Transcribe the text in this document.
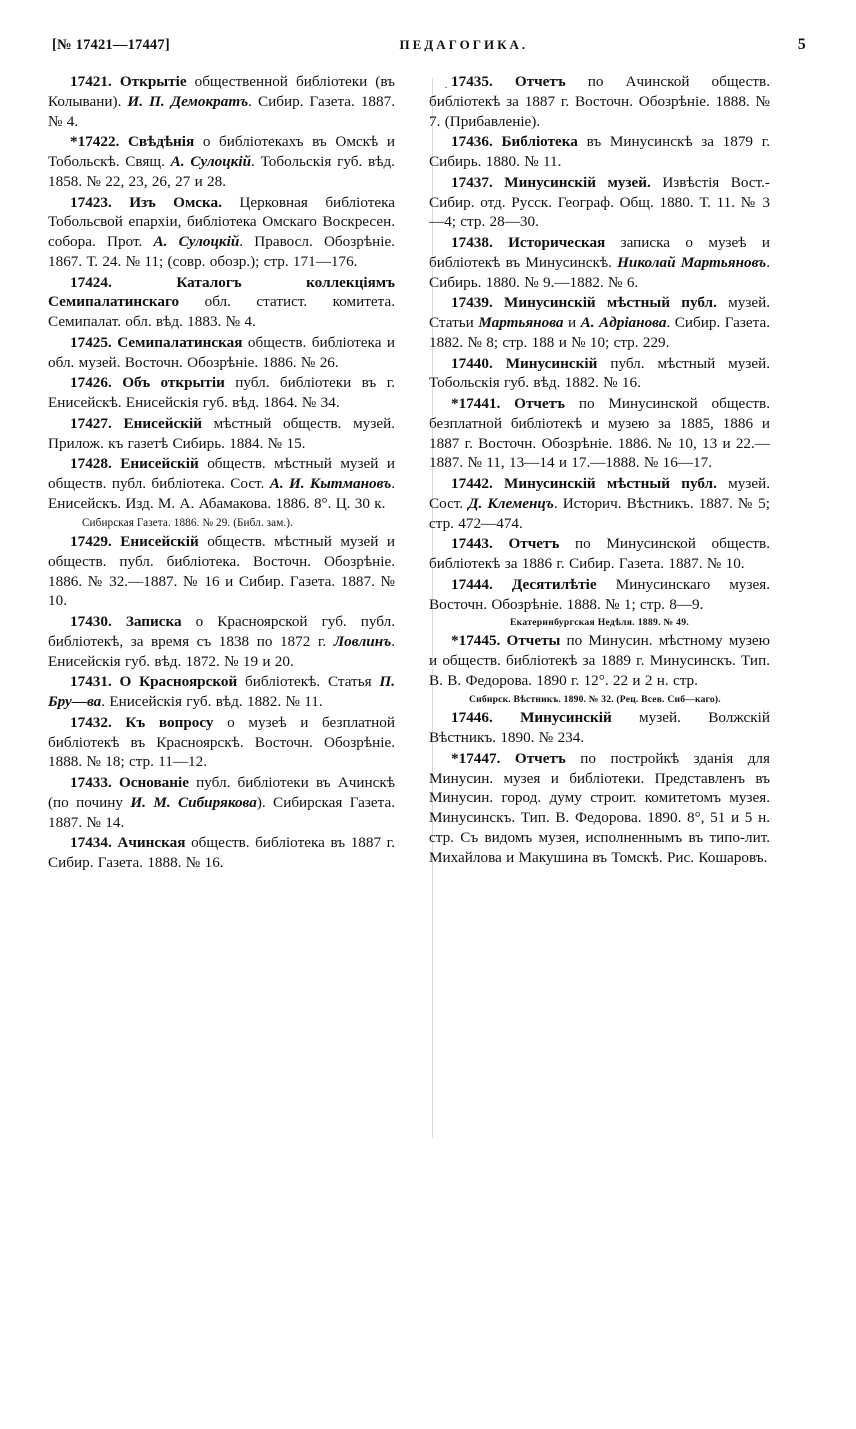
[№ 17421—17447]	ПЕДАГОГИКА.	5
·

17421. Открытіе общественной библіотеки (въ Колывани). И. П. Демократъ. Сибир. Газета. 1887. № 4.

*17422. Свѣдѣнія о библіотекахъ въ Омскѣ и Тобольскѣ. Свящ. А. Сулоцкій. Тобольскія губ. вѣд. 1858. № 22, 23, 26, 27 и 28.

17423. Изъ Омска. Церковная библіотека Тобольсвой епархіи, библіотека Омскаго Воскресен. собора. Прот. А. Сулоцкій. Правосл. Обозрѣніе. 1867. Т. 24. № 11; (совр. обозр.); стр. 171—176.

17424.	Каталогъ коллекціямъ Семипалатинскаго обл. статист. комитета. Семипалат. обл. вѣд. 1883. № 4.

17425. Семипалатинская обществ. библіотека и обл. музей. Восточн. Обозрѣніе. 1886. № 26.

17426. Объ открытіи публ. библіотеки въ г. Енисейскѣ. Енисейскія губ. вѣд. 1864. № 34.

17427. Енисейскій мѣстный обществ. музей. Прилож. къ газетѣ Сибирь. 1884. № 15.

17428. Енисейскій обществ. мѣстный музей и обществ. публ. библіотека. Сост. А. И. Кытмановъ. Енисейскъ. Изд. М. А. Абамакова. 1886. 8°. Ц. 30 к.

Сибирская Газета. 1886. № 29. (Библ. зам.).

17429. Енисейскій обществ. мѣстный музей и обществ. публ. библіотека. Восточн. Обозрѣніе. 1886. № 32.—1887. № 16 и Сибир. Газета. 1887. № 10.

17430. Записка о Красноярской губ. публ. библіотекѣ, за время съ 1838 по 1872 г. Ловлинъ. Енисейскія губ. вѣд. 1872. № 19 и 20.

17431. О Красноярской библіотекѣ. Статья П. Бру—ва. Енисейскія губ. вѣд. 1882. № 11.

17432. Къ вопросу о музеѣ и безплатной библіотекѣ въ Красноярскѣ. Восточн. Обозрѣніе. 1888. № 18; стр. 11—12.

17433. Основаніе публ. библіотеки въ Ачинскѣ (по почину И. М. Сибирякова). Сибирская Газета. 1887. № 14.

17434. Ачинская обществ. библіотека въ 1887 г. Сибир. Газета. 1888. № 16.

17435. Отчетъ по Ачинской обществ. библіотекѣ за 1887 г. Восточн. Обозрѣніе. 1888. № 7. (Прибавленіе).

17436. Библіотека въ Минусинскѣ за 1879 г. Сибирь. 1880. № 11.

17437. Минусинскій музей. Извѣстія Вост.-Сибир. отд. Русск. Географ. Общ. 1880. Т. 11. № 3—4; стр. 28—30.

17438. Историческая записка о музеѣ и библіотекѣ въ Минусинскѣ. Николай Мартьяновъ. Сибирь. 1880. № 9.—1882. № 6.

17439. Минусинскій мѣстный публ. музей. Статьи Мартьянова и А. Адріанова. Сибир. Газета. 1882. № 8; стр. 188 и № 10; стр. 229.

17440. Минусинскій публ. мѣстный музей. Тобольскія губ. вѣд. 1882. № 16.

*17441. Отчетъ по Минусинской обществ. безплатной библіотекѣ и музею за 1885, 1886 и 1887 г. Восточн. Обозрѣніе. 1886. № 10, 13 и 22.—1887. № 11, 13—14 и 17.—1888. № 16—17.

17442. Минусинскій мѣстный публ. музей. Сост. Д. Клеменцъ. Историч. Вѣстникъ. 1887. № 5; стр. 472—474.

17443. Отчетъ по Минусинской обществ. библіотекѣ за 1886 г. Сибир. Газета. 1887. № 10.

17444. Десятилѣтіе Минусинскаго музея. Восточн. Обозрѣніе. 1888. № 1; стр. 8—9.

Екатеринбургская Недѣля. 1889. № 49.

*17445. Отчеты по Минусин. мѣстному музею и обществ. библіотекѣ за 1889 г. Минусинскъ. Тип. В. В. Федорова. 1890 г. 12°. 22 и 2 н. стр.

Сибирск. Вѣстникъ. 1890. № 32. (Рец. Всев. Сиб—каго).

17446. Минусинскій музей. Волжскій Вѣстникъ. 1890. № 234.

*17447. Отчетъ по постройкѣ зданія для Минусин. музея и библіотеки. Представленъ въ Минусин. город. думу строит. комитетомъ музея. Минусинскъ. Тип. В. Федорова. 1890. 8°, 51 и 5 н. стр. Съ видомъ музея, исполненнымъ въ типо-лит. Михайлова и Макушина въ Томскѣ. Рис. Кошаровъ.
